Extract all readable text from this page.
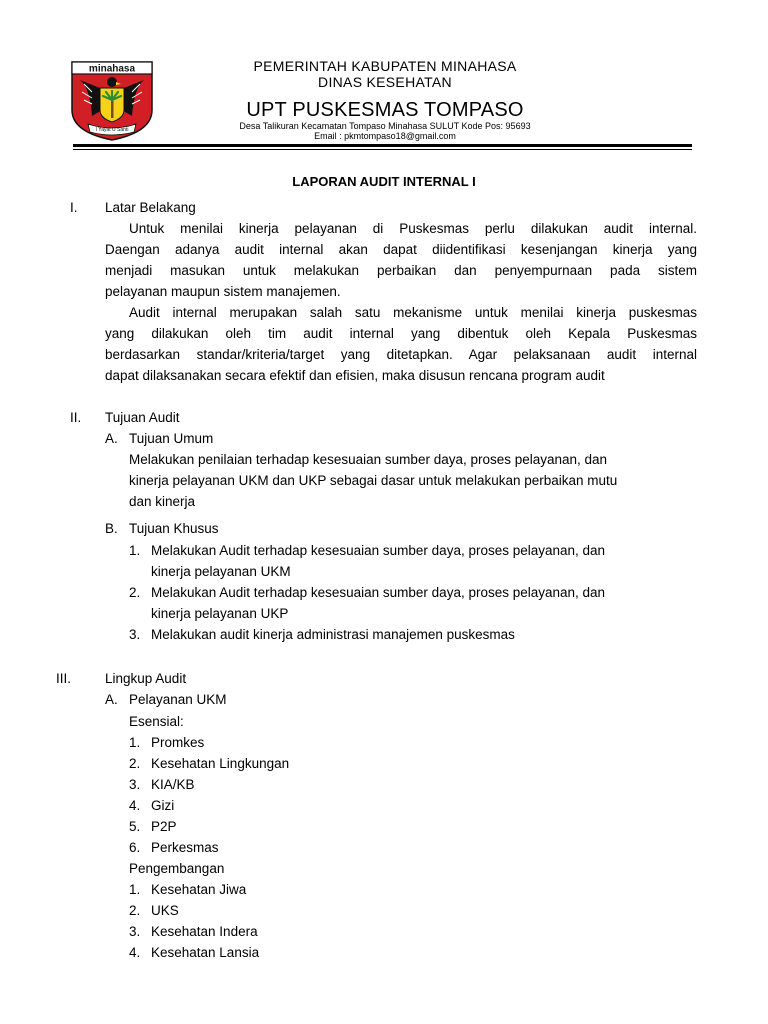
minahasa
I Yayat U Santi
PEMERINTAH KABUPATEN MINAHASA
DINAS KESEHATAN
UPT PUSKESMAS TOMPASO
Desa Talikuran Kecamatan Tompaso Minahasa SULUT Kode Pos: 95693
Email : pkmtompaso18@gmail.com
LAPORAN AUDIT INTERNAL I
I. Latar Belakang
Untuk menilai kinerja pelayanan di Puskesmas perlu dilakukan audit internal.
Daengan adanya audit internal akan dapat diidentifikasi kesenjangan kinerja yang
menjadi masukan untuk melakukan perbaikan dan penyempurnaan pada sistem
pelayanan maupun sistem manajemen.
Audit internal merupakan salah satu mekanisme untuk menilai kinerja puskesmas
yang dilakukan oleh tim audit internal yang dibentuk oleh Kepala Puskesmas
berdasarkan standar/kriteria/target yang ditetapkan. Agar pelaksanaan audit internal
dapat dilaksanakan secara efektif dan efisien, maka disusun rencana program audit
II. Tujuan Audit
A. Tujuan Umum
Melakukan penilaian terhadap kesesuaian sumber daya, proses pelayanan, dan
kinerja pelayanan UKM dan UKP sebagai dasar untuk melakukan perbaikan mutu
dan kinerja
B. Tujuan Khusus
1. Melakukan Audit terhadap kesesuaian sumber daya, proses pelayanan, dan
kinerja pelayanan UKM
2. Melakukan Audit terhadap kesesuaian sumber daya, proses pelayanan, dan
kinerja pelayanan UKP
3. Melakukan audit kinerja administrasi manajemen puskesmas
III.	Lingkup Audit
A. Pelayanan UKM
Esensial:
1. Promkes
2. Kesehatan Lingkungan
3. KIA/KB
4. Gizi
5. P2P
6. Perkesmas
Pengembangan
1. Kesehatan Jiwa
2. UKS
3. Kesehatan Indera
4. Kesehatan Lansia
